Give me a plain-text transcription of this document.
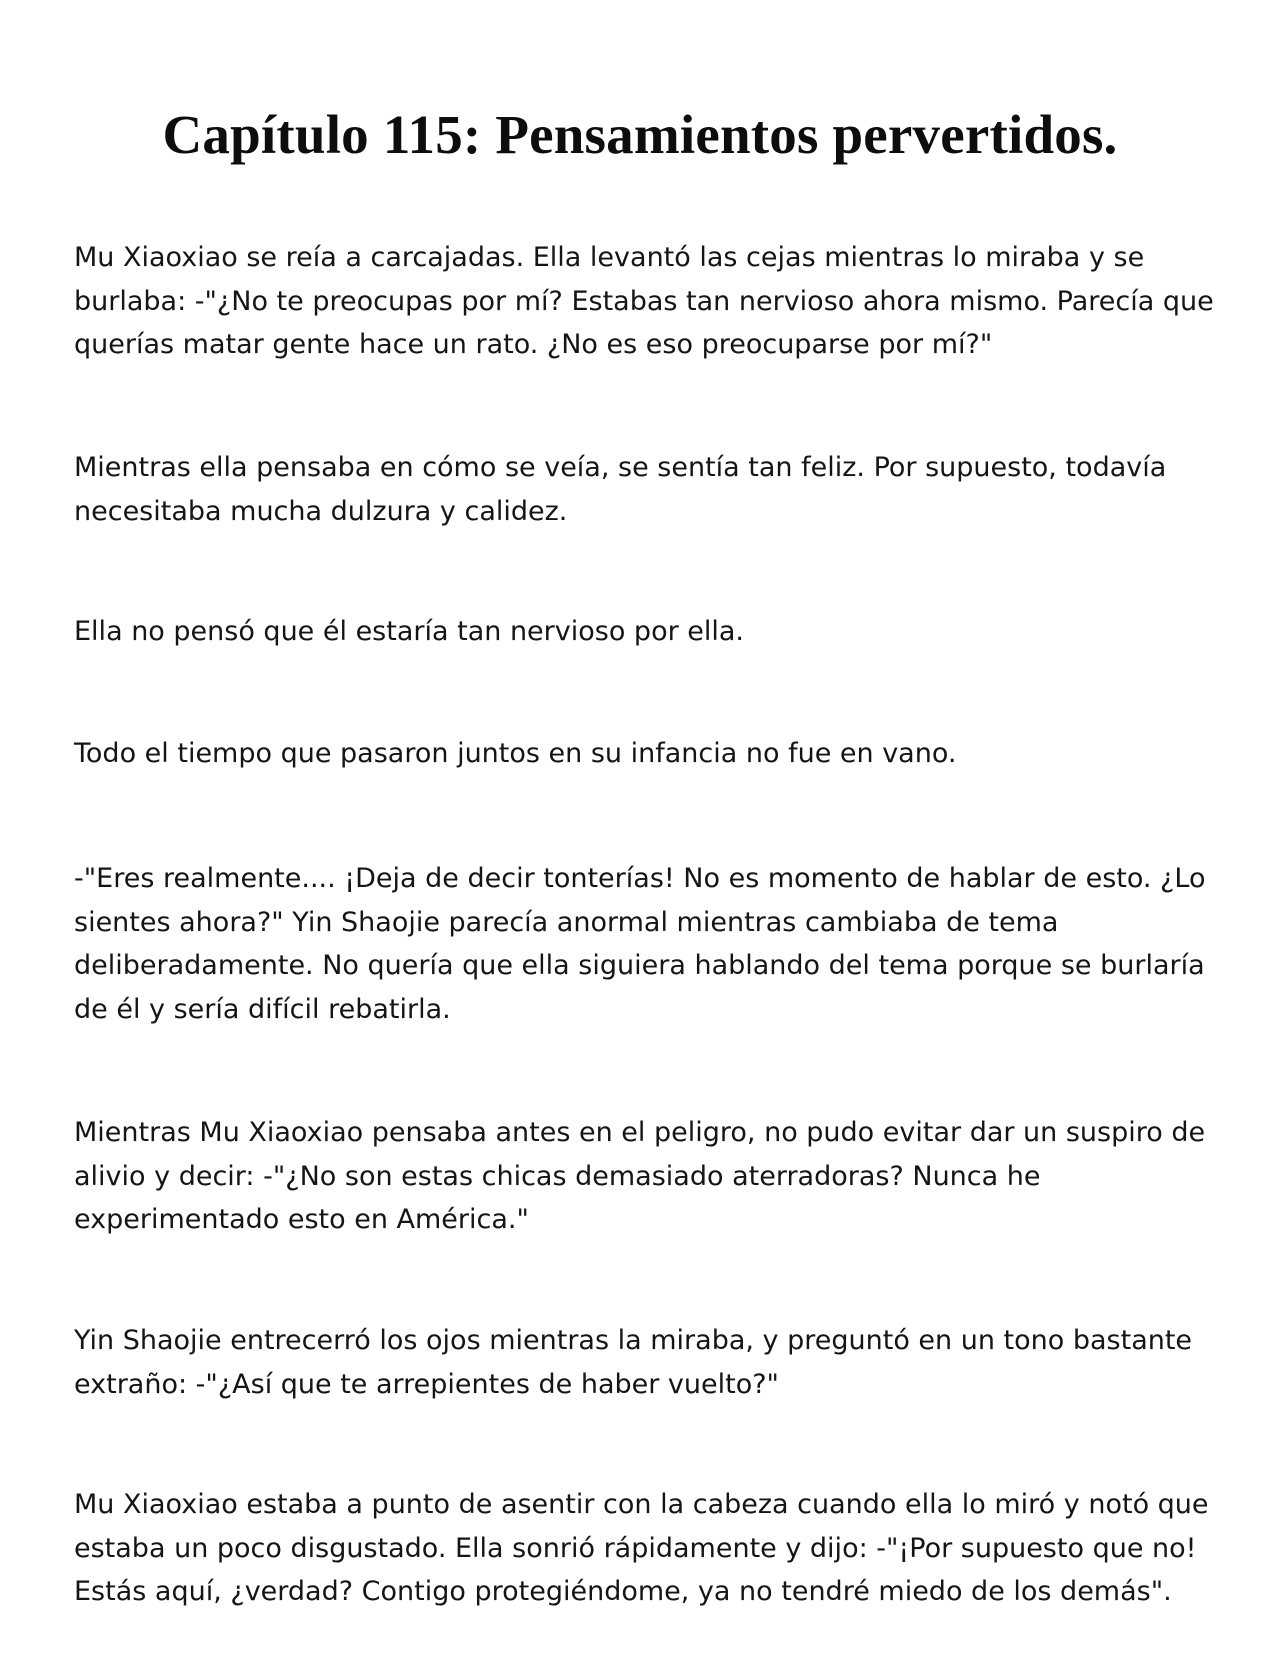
Capítulo 115: Pensamientos pervertidos.

Mu Xiaoxiao se reía a carcajadas. Ella levantó las cejas mientras lo miraba y se burlaba: -"¿No te preocupas por mí? Estabas tan nervioso ahora mismo. Parecía que querías matar gente hace un rato. ¿No es eso preocuparse por mí?"

Mientras ella pensaba en cómo se veía, se sentía tan feliz. Por supuesto, todavía necesitaba mucha dulzura y calidez.

Ella no pensó que él estaría tan nervioso por ella.

Todo el tiempo que pasaron juntos en su infancia no fue en vano.

-"Eres realmente.... ¡Deja de decir tonterías! No es momento de hablar de esto. ¿Lo sientes ahora?" Yin Shaojie parecía anormal mientras cambiaba de tema deliberadamente. No quería que ella siguiera hablando del tema porque se burlaría de él y sería difícil rebatirla.

Mientras Mu Xiaoxiao pensaba antes en el peligro, no pudo evitar dar un suspiro de alivio y decir: -"¿No son estas chicas demasiado aterradoras? Nunca he experimentado esto en América."

Yin Shaojie entrecerró los ojos mientras la miraba, y preguntó en un tono bastante extraño: -"¿Así que te arrepientes de haber vuelto?"

Mu Xiaoxiao estaba a punto de asentir con la cabeza cuando ella lo miró y notó que estaba un poco disgustado. Ella sonrió rápidamente y dijo: -"¡Por supuesto que no! Estás aquí, ¿verdad? Contigo protegiéndome, ya no tendré miedo de los demás".
